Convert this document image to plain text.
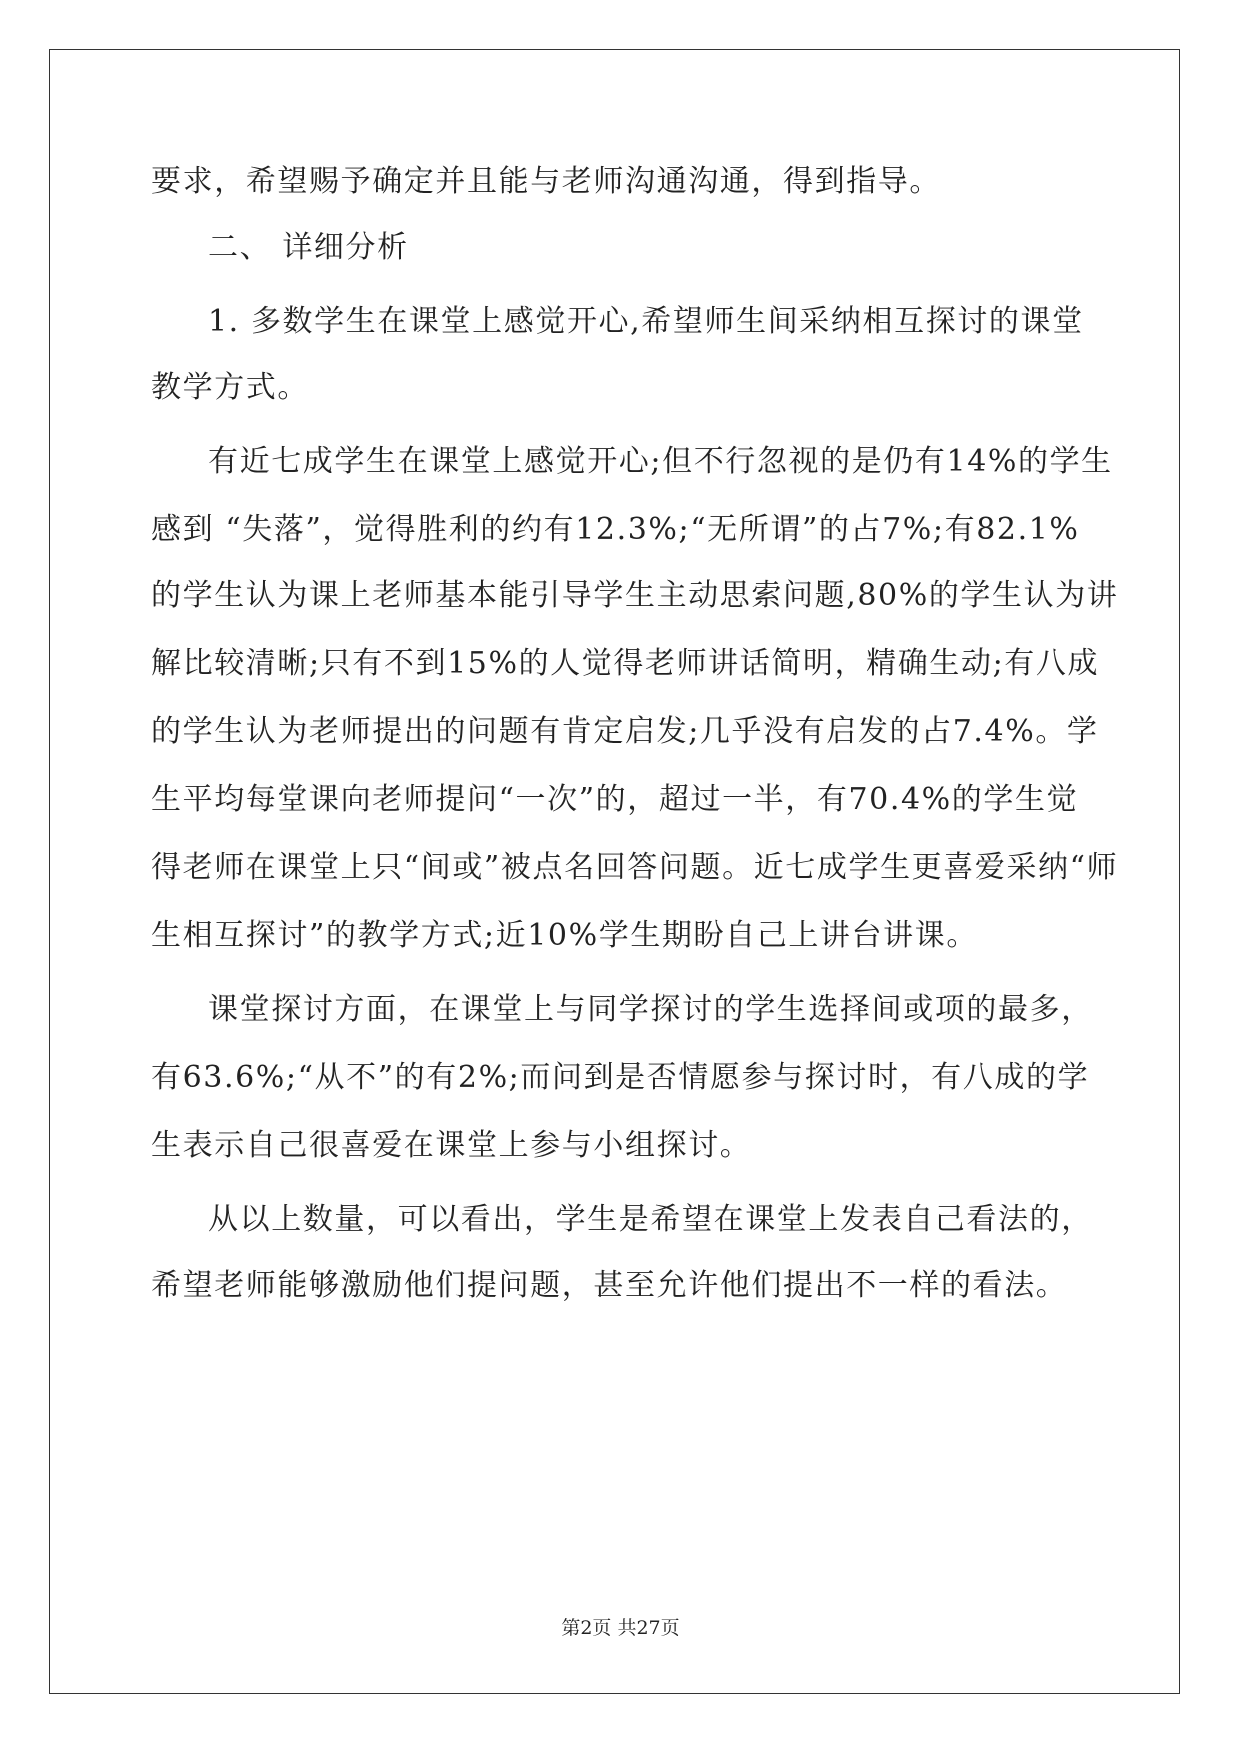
要求，希望赐予确定并且能与老师沟通沟通，得到指导。
二、 详细分析
1. 多数学生在课堂上感觉开心,希望师生间采纳相互探讨的课堂
教学方式。
有近七成学生在课堂上感觉开心;但不行忽视的是仍有14%的学生
感到 “失落”，觉得胜利的约有12.3%;“无所谓”的占7%;有82.1%
的学生认为课上老师基本能引导学生主动思索问题,80%的学生认为讲
解比较清晰;只有不到15%的人觉得老师讲话简明，精确生动;有八成
的学生认为老师提出的问题有肯定启发;几乎没有启发的占7.4%。学
生平均每堂课向老师提问“一次”的，超过一半，有70.4%的学生觉
得老师在课堂上只“间或”被点名回答问题。近七成学生更喜爱采纳“师
生相互探讨”的教学方式;近10%学生期盼自己上讲台讲课。
课堂探讨方面，在课堂上与同学探讨的学生选择间或项的最多，
有63.6%;“从不”的有2%;而问到是否情愿参与探讨时，有八成的学
生表示自己很喜爱在课堂上参与小组探讨。
从以上数量，可以看出，学生是希望在课堂上发表自己看法的，
希望老师能够激励他们提问题，甚至允许他们提出不一样的看法。
第2页 共27页
